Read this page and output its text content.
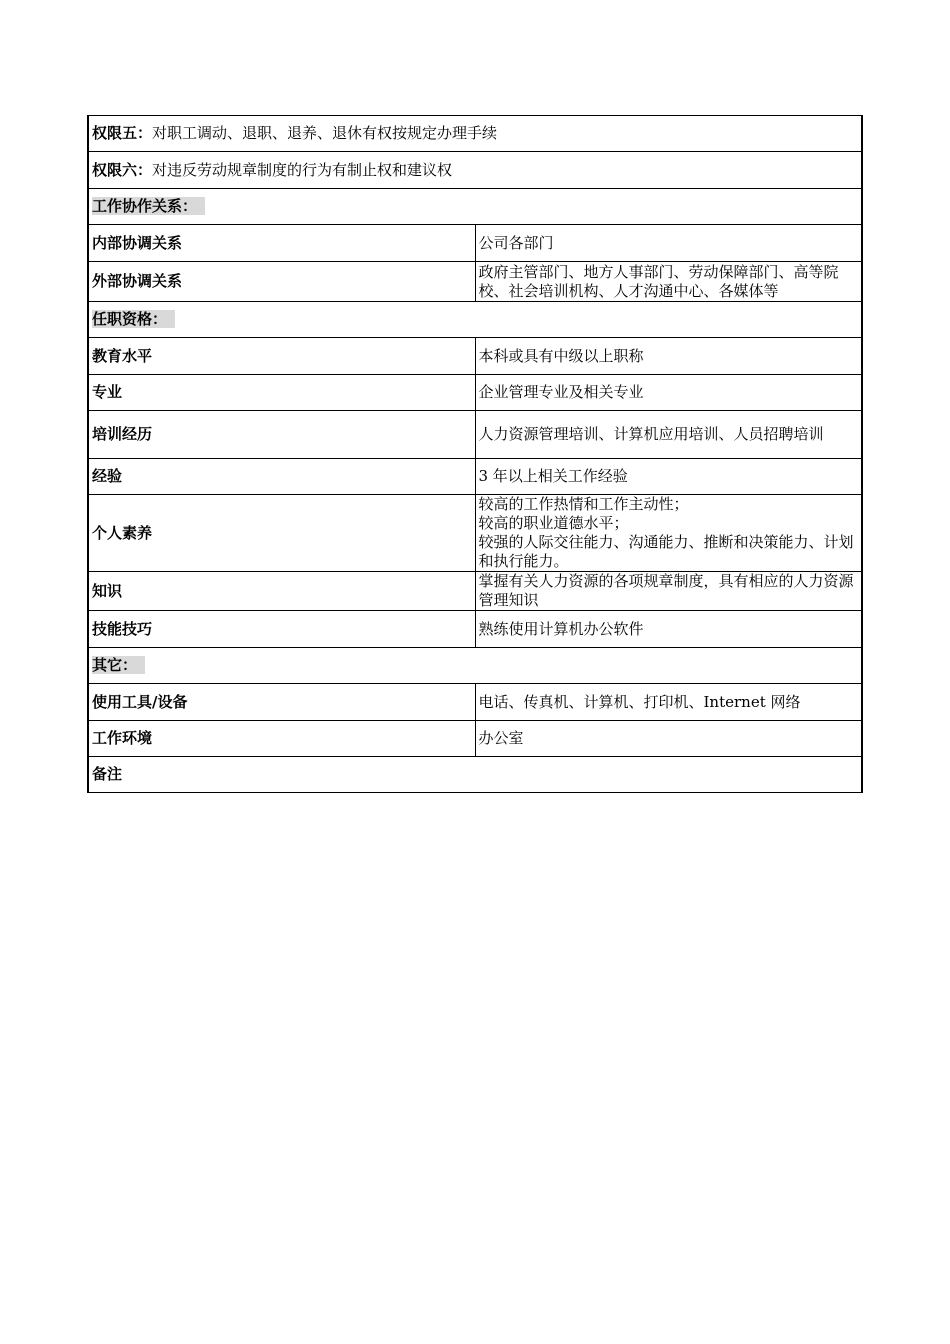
权限五：对职工调动、退职、退养、退休有权按规定办理手续	
权限六：对违反劳动规章制度的行为有制止权和建议权	
工作协作关系：	
内部协调关系	公司各部门
外部协调关系	政府主管部门、地方人事部门、劳动保障部门、高等院校、社会培训机构、人才沟通中心、各媒体等
任职资格：	
教育水平	本科或具有中级以上职称
专业	企业管理专业及相关专业
培训经历	人力资源管理培训、计算机应用培训、人员招聘培训
经验	3 年以上相关工作经验
个人素养	较高的工作热情和工作主动性；
较高的职业道德水平；
较强的人际交往能力、沟通能力、推断和决策能力、计划和执行能力。

知识	掌握有关人力资源的各项规章制度，具有相应的人力资源管理知识
技能技巧	熟练使用计算机办公软件
其它：	
使用工具/设备	电话、传真机、计算机、打印机、Internet 网络
工作环境	办公室
备注	
